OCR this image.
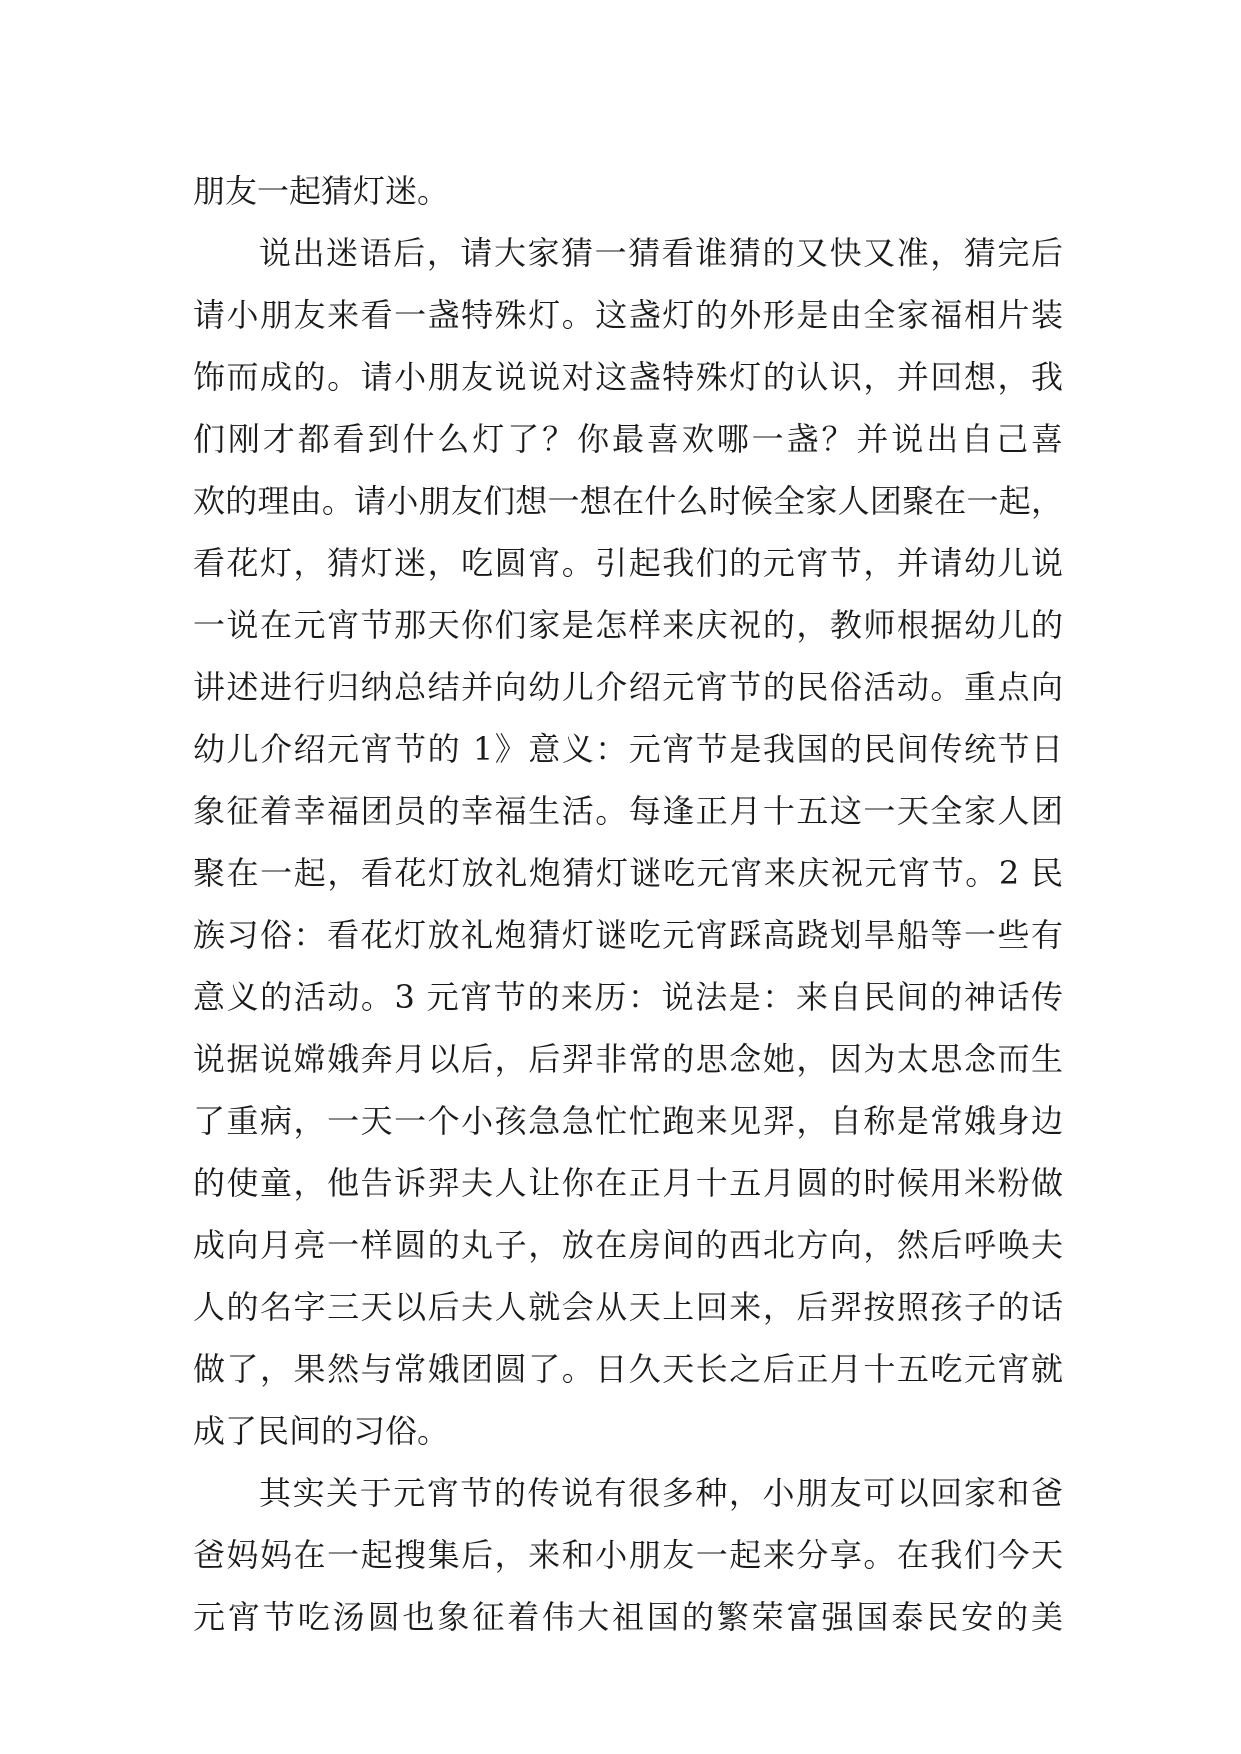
朋友一起猜灯迷。
说出迷语后，请大家猜一猜看谁猜的又快又准，猜完后
请小朋友来看一盏特殊灯。这盏灯的外形是由全家福相片装
饰而成的。请小朋友说说对这盏特殊灯的认识，并回想，我
们刚才都看到什么灯了？你最喜欢哪一盏？并说出自己喜
欢的理由。请小朋友们想一想在什么时候全家人团聚在一起，
看花灯，猜灯迷，吃圆宵。引起我们的元宵节，并请幼儿说
一说在元宵节那天你们家是怎样来庆祝的，教师根据幼儿的
讲述进行归纳总结并向幼儿介绍元宵节的民俗活动。重点向
幼儿介绍元宵节的 1》意义：元宵节是我国的民间传统节日
象征着幸福团员的幸福生活。每逢正月十五这一天全家人团
聚在一起，看花灯放礼炮猜灯谜吃元宵来庆祝元宵节。2 民
族习俗：看花灯放礼炮猜灯谜吃元宵踩高跷划旱船等一些有
意义的活动。3 元宵节的来历：说法是：来自民间的神话传
说据说嫦娥奔月以后，后羿非常的思念她，因为太思念而生
了重病，一天一个小孩急急忙忙跑来见羿，自称是常娥身边
的使童，他告诉羿夫人让你在正月十五月圆的时候用米粉做
成向月亮一样圆的丸子，放在房间的西北方向，然后呼唤夫
人的名字三天以后夫人就会从天上回来，后羿按照孩子的话
做了，果然与常娥团圆了。日久天长之后正月十五吃元宵就
成了民间的习俗。
其实关于元宵节的传说有很多种，小朋友可以回家和爸
爸妈妈在一起搜集后，来和小朋友一起来分享。在我们今天
元宵节吃汤圆也象征着伟大祖国的繁荣富强国泰民安的美
